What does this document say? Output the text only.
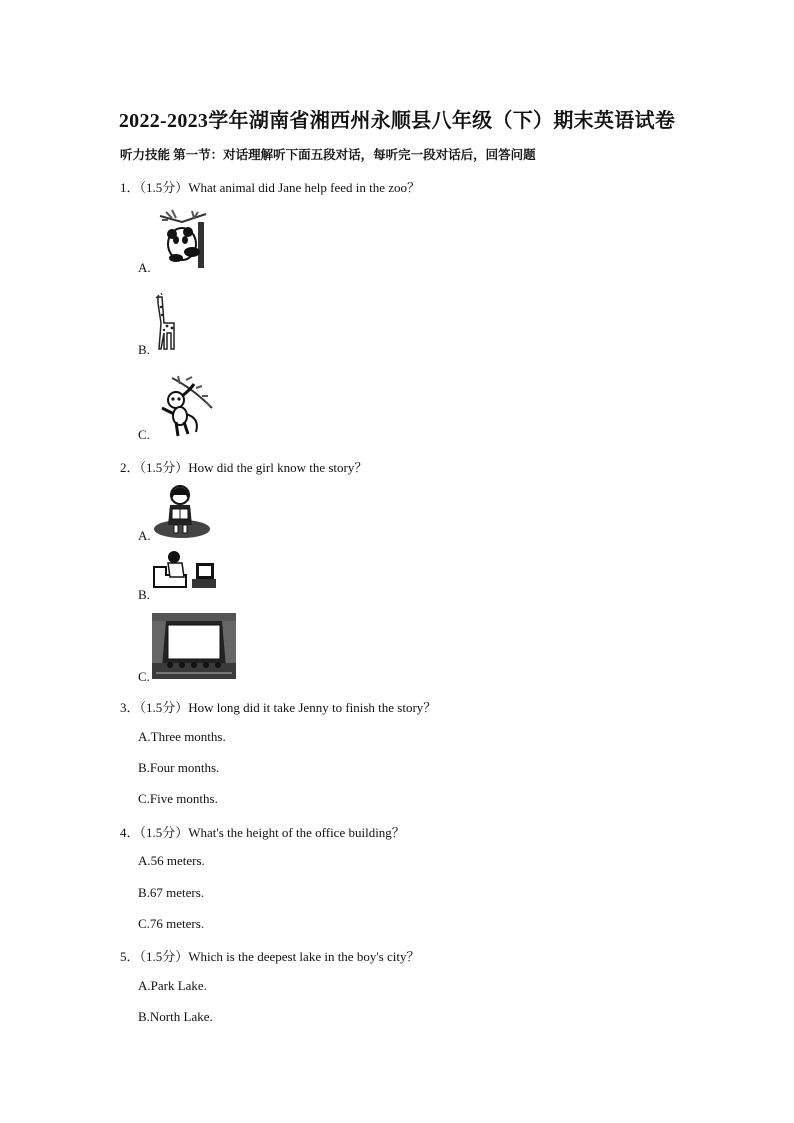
2022-2023学年湖南省湘西州永顺县八年级（下）期末英语试卷
听力技能 第一节：对话理解听下面五段对话，每听完一段对话后，回答问题
1．（1.5分）What animal did Jane help feed in the zoo？
A.
B.
C.
2．（1.5分）How did the girl know the story？
A.
B.
C.
3．（1.5分）How long did it take Jenny to finish the story？
A.Three months.
B.Four months.
C.Five months.
4．（1.5分）What's the height of the office building？
A.56 meters.
B.67 meters.
C.76 meters.
5．（1.5分）Which is the deepest lake in the boy's city？
A.Park Lake.
B.North Lake.
